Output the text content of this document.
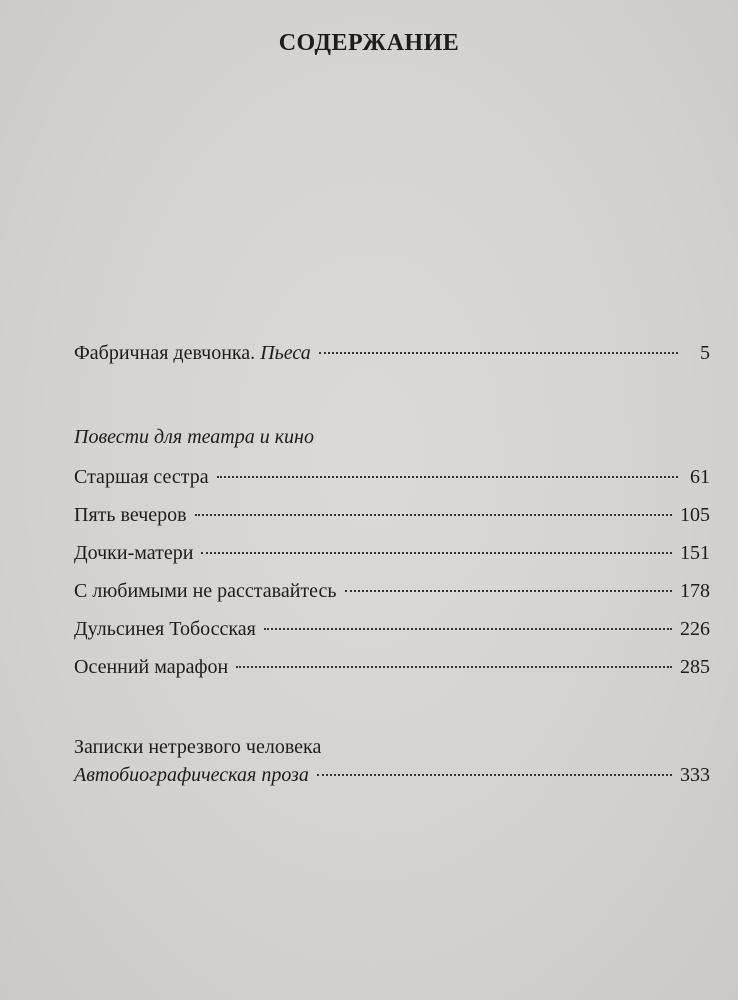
СОДЕРЖАНИЕ
Фабричная девчонка. Пьеса	5
Повести для театра и кино
Старшая сестра	61
Пять вечеров	105
Дочки-матери	151
С любимыми не расставайтесь	178
Дульсинея Тобосская	226
Осенний марафон	285
Записки нетрезвого человека
Автобиографическая проза	333
